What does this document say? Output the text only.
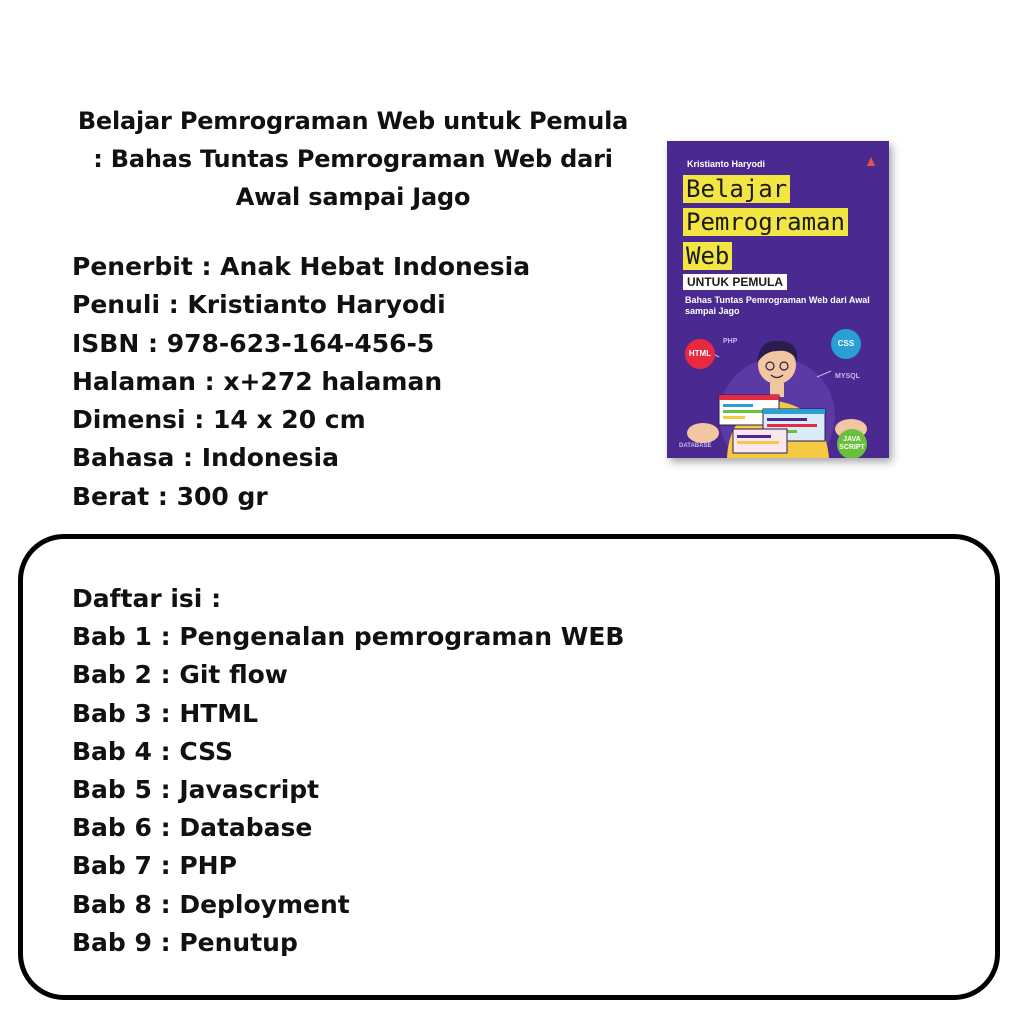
Belajar Pemrograman Web untuk Pemula
: Bahas Tuntas Pemrograman Web dari
Awal sampai Jago
Penerbit : Anak Hebat Indonesia
Penuli : Kristianto Haryodi
ISBN : 978-623-164-456-5
Halaman : x+272 halaman
Dimensi : 14 x 20 cm
Bahasa : Indonesia
Berat : 300 gr
Kristianto Haryodi
Belajar
Pemrograman
Web
UNTUK PEMULA
Bahas Tuntas Pemrograman Web dari Awal sampai Jago
HTML
PHP	CSS
MYSQL
JAVA
SCRIPT
DATABASE
Daftar isi :
Bab 1 : Pengenalan pemrograman WEB
Bab 2 : Git flow
Bab 3 : HTML
Bab 4 : CSS
Bab 5 : Javascript
Bab 6 : Database
Bab 7 : PHP
Bab 8 : Deployment
Bab 9 : Penutup
